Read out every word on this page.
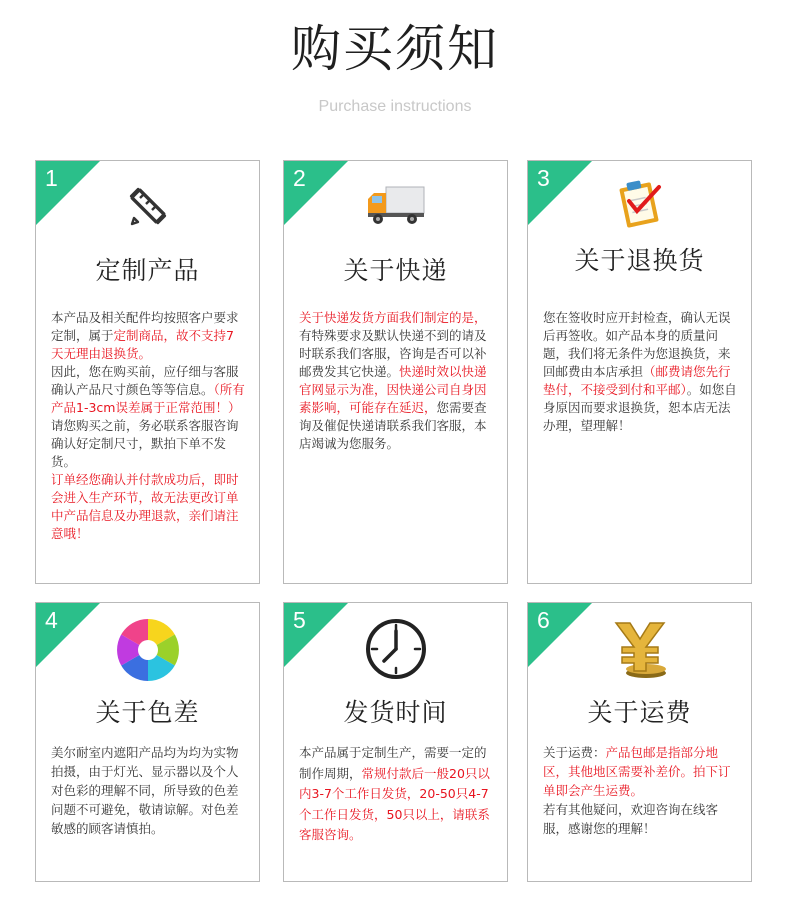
购买须知
Purchase instructions
1
定制产品
本产品及相关配件均按照客户要求定制，属于定制商品，故不支持7天无理由退换货。
因此，您在购买前，应仔细与客服确认产品尺寸颜色等等信息。（所有产品1-3cm误差属于正常范围！）请您购买之前，务必联系客服咨询确认好定制尺寸，默拍下单不发货。
订单经您确认并付款成功后，即时会进入生产环节，故无法更改订单中产品信息及办理退款，亲们请注意哦！
2
关于快递
关于快递发货方面我们制定的是，有特殊要求及默认快递不到的请及时联系我们客服，咨询是否可以补邮费发其它快递。快递时效以快递官网显示为准，因快递公司自身因素影响，可能存在延迟，您需要查询及催促快递请联系我们客服，本店竭诚为您服务。
3
关于退换货
您在签收时应开封检查，确认无误后再签收。如产品本身的质量问题，我们将无条件为您退换货，来回邮费由本店承担（邮费请您先行垫付，不接受到付和平邮）。如您自身原因而要求退换货，恕本店无法办理，望理解！
4
关于色差
美尔耐室内遮阳产品均为均为实物拍摄，由于灯光、显示器以及个人对色彩的理解不同，所导致的色差问题不可避免，敬请谅解。对色差敏感的顾客请慎拍。
5
发货时间
本产品属于定制生产，需要一定的制作周期，常规付款后一般20只以内3-7个工作日发货，20-50只4-7个工作日发货，50只以上，请联系客服咨询。
6
关于运费
关于运费：产品包邮是指部分地区，其他地区需要补差价。拍下订单即会产生运费。
若有其他疑问，欢迎咨询在线客服，感谢您的理解！
